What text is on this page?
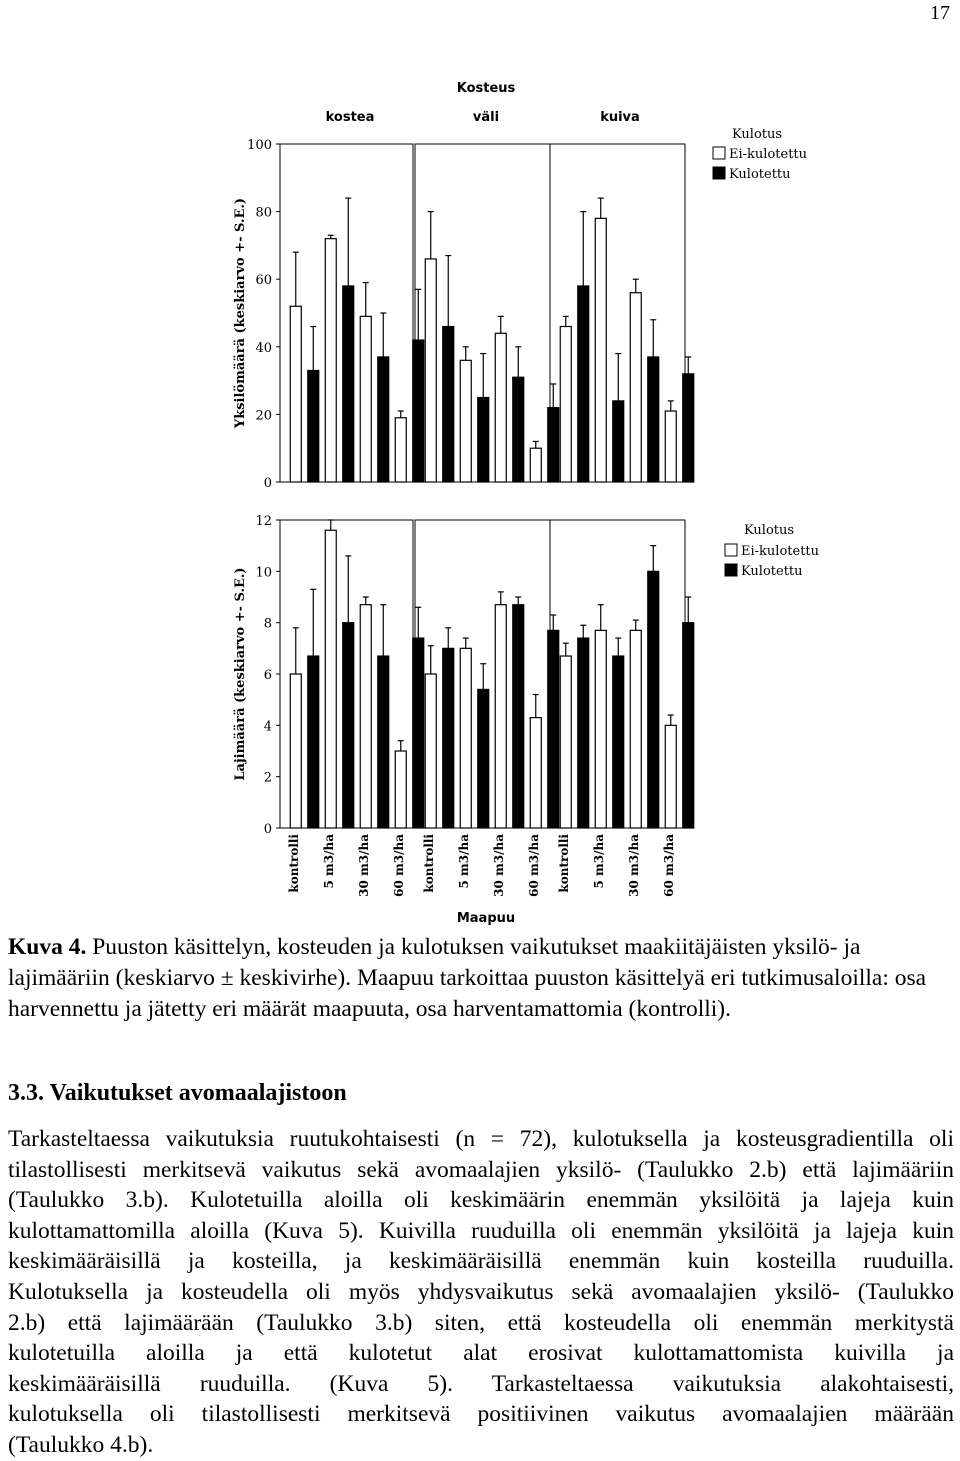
17
Kosteus
kostea	väli	kuiva
Yksilömäärä (keskiarvo +- S.E.)
0
20
40
60
80
100
Lajimäärä (keskiarvo +- S.E.)
0
2
4
6
8
10
12
kontrolli 5 m3/ha 30 m3/ha 60 m3/ha kontrolli 5 m3/ha 30 m3/ha 60 m3/ha kontrolli 5 m3/ha 30 m3/ha 60 m3/ha
Maapuu
Kulotus
Ei-kulotettu
Kulotettu
Kulotus
Ei-kulotettu
Kulotettu
Kuva 4. Puuston käsittelyn, kosteuden ja kulotuksen vaikutukset maakiitäjäisten yksilö- ja lajimääriin (keskiarvo ± keskivirhe). Maapuu tarkoittaa puuston käsittelyä eri tutkimusaloilla: osa harvennettu ja jätetty eri määrät maapuuta, osa harventamattomia (kontrolli).
3.3. Vaikutukset avomaalajistoon
Tarkasteltaessa vaikutuksia ruutukohtaisesti (n = 72), kulotuksella ja kosteusgradientilla oli
tilastollisesti merkitsevä vaikutus sekä avomaalajien yksilö- (Taulukko 2.b) että lajimääriin
(Taulukko 3.b). Kulotetuilla aloilla oli keskimäärin enemmän yksilöitä ja lajeja kuin
kulottamattomilla aloilla (Kuva 5). Kuivilla ruuduilla oli enemmän yksilöitä ja lajeja kuin
keskimääräisillä ja kosteilla, ja keskimääräisillä enemmän kuin kosteilla ruuduilla.
Kulotuksella ja kosteudella oli myös yhdysvaikutus sekä avomaalajien yksilö- (Taulukko
2.b) että lajimäärään (Taulukko 3.b) siten, että kosteudella oli enemmän merkitystä
kulotetuilla aloilla ja että kulotetut alat erosivat kulottamattomista kuivilla ja
keskimääräisillä ruuduilla. (Kuva 5). Tarkasteltaessa vaikutuksia alakohtaisesti,
kulotuksella oli tilastollisesti merkitsevä positiivinen vaikutus avomaalajien määrään
(Taulukko 4.b).
